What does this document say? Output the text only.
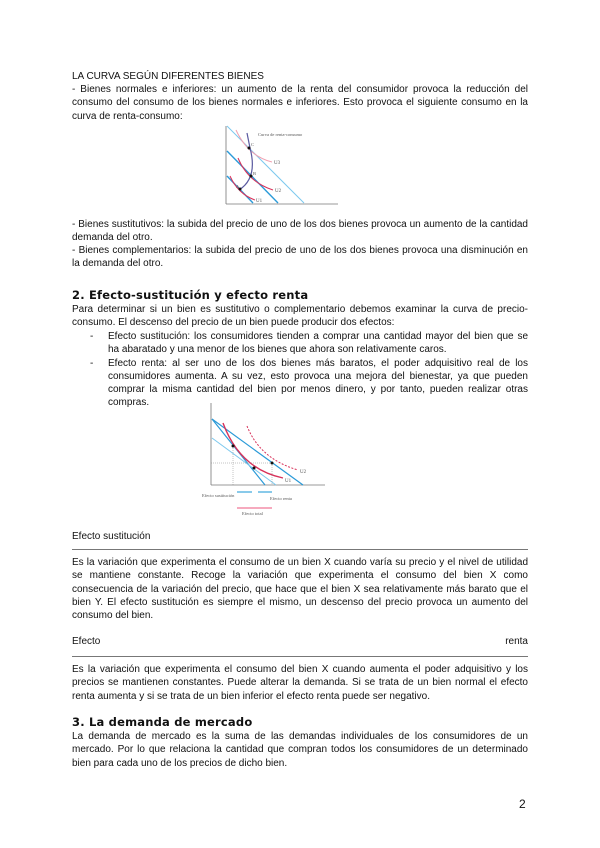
LA CURVA SEGÚN DIFERENTES BIENES
- Bienes normales e inferiores: un aumento de la renta del consumidor provoca la reducción del consumo del consumo de los bienes normales e inferiores. Esto provoca el siguiente consumo en la curva de renta-consumo:
Curva de renta-consumo
U3
U2
U1
A
B
C
- Bienes sustitutivos: la subida del precio de uno de los dos bienes provoca un aumento de la cantidad demanda del otro.
- Bienes complementarios: la subida del precio de uno de los dos bienes provoca una disminución en la demanda del otro.
2. Efecto-sustitución y efecto renta
Para determinar si un bien es sustitutivo o complementario debemos examinar la curva de precio-consumo. El descenso del precio de un bien puede producir dos efectos:
- Efecto sustitución: los consumidores tienden a comprar una cantidad mayor del bien que se ha abaratado y una menor de los bienes que ahora son relativamente caros.
- Efecto renta: al ser uno de los dos bienes más baratos, el poder adquisitivo real de los consumidores aumenta. A su vez, esto provoca una mejora del bienestar, ya que pueden comprar la misma cantidad del bien por menos dinero, y por tanto, pueden realizar otras compras.
U2
U1
Efecto sustitución
Efecto renta
Efecto total
Efecto sustitución
Es la variación que experimenta el consumo de un bien X cuando varía su precio y el nivel de utilidad se mantiene constante. Recoge la variación que experimenta el consumo del bien X como consecuencia de la variación del precio, que hace que el bien X sea relativamente más barato que el bien Y. El efecto sustitución es siempre el mismo, un descenso del precio provoca un aumento del consumo del bien.
Efecto	renta
Es la variación que experimenta el consumo del bien X cuando aumenta el poder adquisitivo y los precios se mantienen constantes. Puede alterar la demanda. Si se trata de un bien normal el efecto renta aumenta y si se trata de un bien inferior el efecto renta puede ser negativo.
3. La demanda de mercado
La demanda de mercado es la suma de las demandas individuales de los consumidores de un mercado. Por lo que relaciona la cantidad que compran todos los consumidores de un determinado bien para cada uno de los precios de dicho bien.
2
